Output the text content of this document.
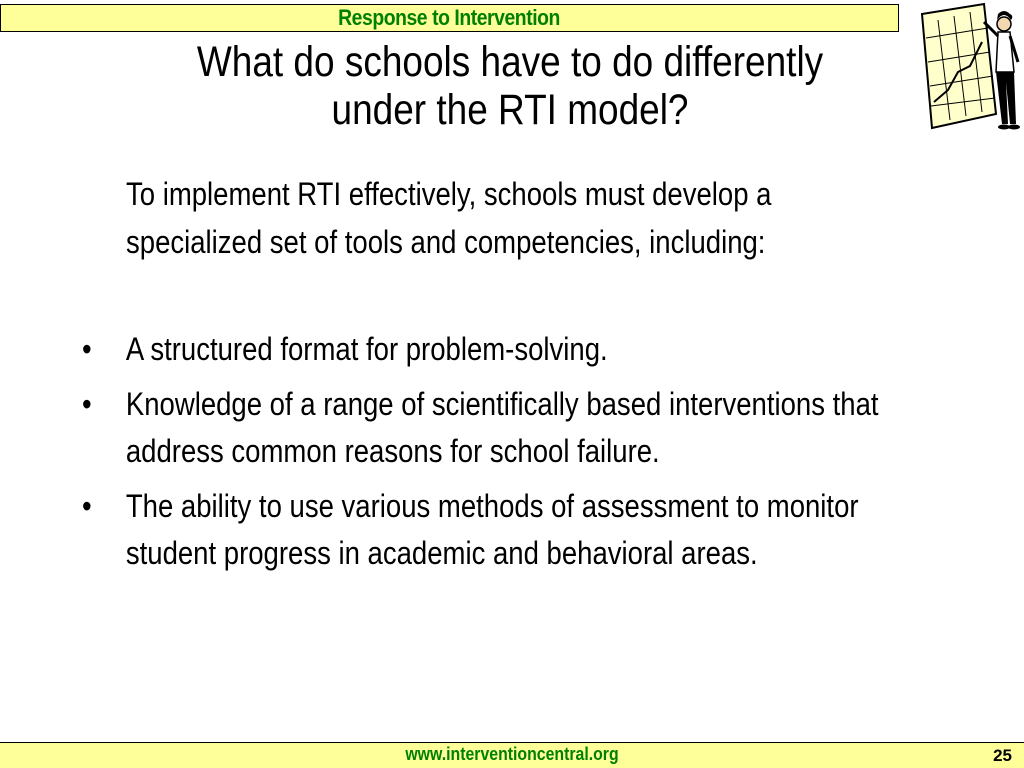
Response to Intervention
What do schools have to do differently
under the RTI model?
To implement RTI effectively, schools must develop a specialized set of tools and competencies, including:
• A structured format for problem-solving.
• Knowledge of a range of scientifically based interventions that address common reasons for school failure.
• The ability to use various methods of assessment to monitor student progress in academic and behavioral areas.
www.interventioncentral.org	25
